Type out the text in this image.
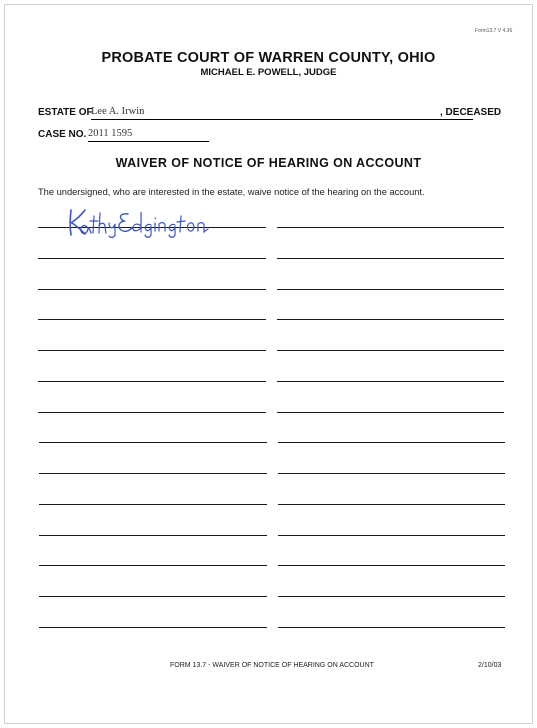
Form13.7 V 4.36
PROBATE COURT OF WARREN COUNTY, OHIO
MICHAEL E. POWELL, JUDGE
ESTATE OF
Lee A. Irwin	, DECEASED
CASE NO. 2011 1595
WAIVER OF NOTICE OF HEARING ON ACCOUNT
The undersigned, who are interested in the estate, waive notice of the hearing on the account.
FORM 13.7 - WAIVER OF NOTICE OF HEARING ON ACCOUNT	2/10/03
